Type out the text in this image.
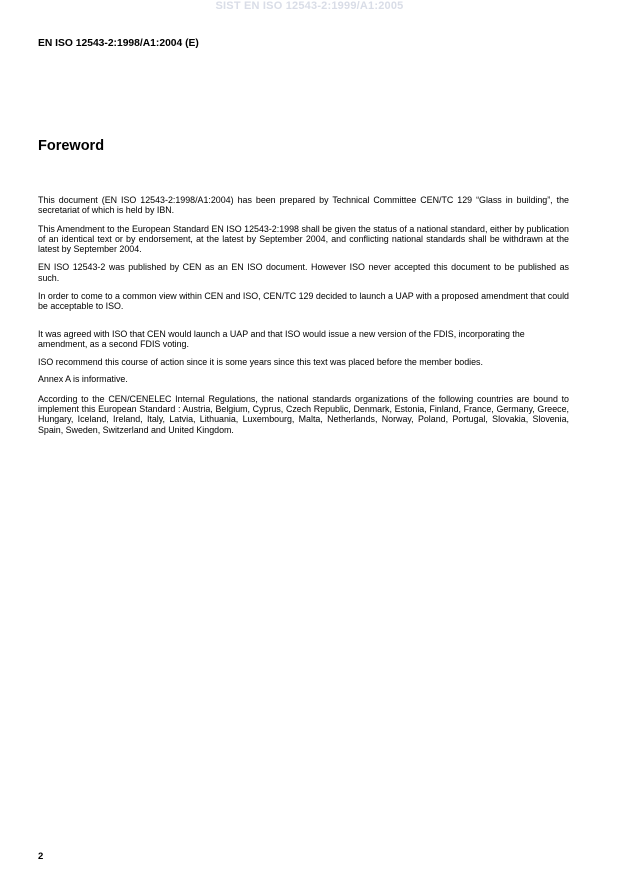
SIST EN ISO 12543-2:1999/A1:2005
EN ISO 12543-2:1998/A1:2004 (E)
Foreword

This document (EN ISO 12543-2:1998/A1:2004) has been prepared by Technical Committee CEN/TC 129 “Glass in building”, the secretariat of which is held by IBN.

This Amendment to the European Standard EN ISO 12543-2:1998 shall be given the status of a national standard, either by publication of an identical text or by endorsement, at the latest by September 2004, and conflicting national standards shall be withdrawn at the latest by September 2004.

EN ISO 12543-2 was published by CEN as an EN ISO document. However ISO never accepted this document to be published as such.

In order to come to a common view within CEN and ISO, CEN/TC 129 decided to launch a UAP with a proposed amendment that could be acceptable to ISO.

It was agreed with ISO that CEN would launch a UAP and that ISO would issue a new version of the FDIS, incorporating the amendment, as a second FDIS voting.

ISO recommend this course of action since it is some years since this text was placed before the member bodies.

Annex A is informative.

According to the CEN/CENELEC Internal Regulations, the national standards organizations of the following countries are bound to implement this European Standard : Austria, Belgium, Cyprus, Czech Republic, Denmark, Estonia, Finland, France, Germany, Greece, Hungary, Iceland, Ireland, Italy, Latvia, Lithuania, Luxembourg, Malta, Netherlands, Norway, Poland, Portugal, Slovakia, Slovenia, Spain, Sweden, Switzerland and United Kingdom.

2
